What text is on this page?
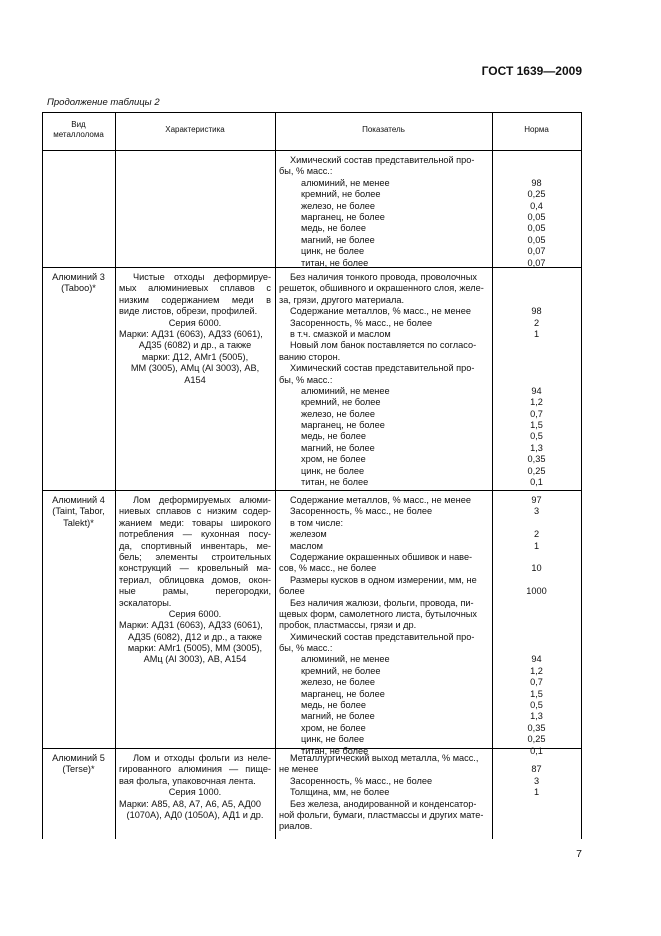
ГОСТ 1639—2009
Продолжение таблицы 2
Вид металлолома
Характеристика	Показатель	Норма
Химический состав представительной про-
бы, % масс.:
алюминий, не менее
кремний, не более
железо, не более
марганец, не более
медь, не более
магний, не более
цинк, не более
титан, не более
98
0,25
0,4
0,05
0,05
0,05
0,07
0,07
Алюминий 3
(Taboo)*
Чистые отходы деформируе-
мых алюминиевых сплавов с
низким содержанием меди в
виде листов, обрези, профилей.
Серия 6000.
Марки: АД31 (6063), АД33 (6061),
АД35 (6082) и др., а также
марки: Д12, АМг1 (5005),
ММ (3005), АМц (Al 3003), АВ,
А154
Без наличия тонкого провода, проволочных
решеток, обшивного и окрашенного слоя, желе-
за, грязи, другого материала.
Содержание металлов, % масс., не менее
Засоренность, % масс., не более
в т.ч. смазкой и маслом
Новый лом банок поставляется по согласо-
ванию сторон.
Химический состав представительной про-
бы, % масс.:
алюминий, не менее
кремний, не более
железо, не более
марганец, не более
медь, не более
магний, не более
хром, не более
цинк, не более
титан, не более
98
2
1
94
1,2
0,7
1,5
0,5
1,3
0,35
0,25
0,1
Алюминий 4
(Taint, Tabor,
Talekt)*
Лом деформируемых алюми-
ниевых сплавов с низким содер-
жанием меди: товары широкого
потребления — кухонная посу-
да, спортивный инвентарь, ме-
бель; элементы строительных
конструкций — кровельный ма-
териал, облицовка домов, окон-
ные рамы, перегородки,
эскалаторы.
Серия 6000.
Марки: АД31 (6063), АД33 (6061),
АД35 (6082), Д12 и др., а также
марки: АМг1 (5005), ММ (3005),
АМц (Al 3003), АВ, А154
Содержание металлов, % масс., не менее
Засоренность, % масс., не более
в том числе:
железом
маслом
Содержание окрашенных обшивок и наве-
сов, % масс., не более
Размеры кусков в одном измерении, мм, не
более
Без наличия жалюзи, фольги, провода, пи-
щевых форм, самолетного листа, бутылочных
пробок, пластмассы, грязи и др.
Химический состав представительной про-
бы, % масс.:
алюминий, не менее
кремний, не более
железо, не более
марганец, не более
медь, не более
магний, не более
хром, не более
цинк, не более
титан, не более
97
3
2
1
10
1000
94
1,2
0,7
1,5
0,5
1,3
0,35
0,25
0,1
Алюминий 5
(Terse)*
Лом и отходы фольги из неле-
гированного алюминия — пище-
вая фольга, упаковочная лента.
Серия 1000.
Марки: А85, А8, А7, А6, А5, АД00
(1070А), АД0 (1050А), АД1 и др.
Металлургический выход металла, % масс.,
не менее
Засоренность, % масс., не более
Толщина, мм, не более
Без железа, анодированной и конденсатор-
ной фольги, бумаги, пластмассы и других мате-
риалов.
87
3
1
7
